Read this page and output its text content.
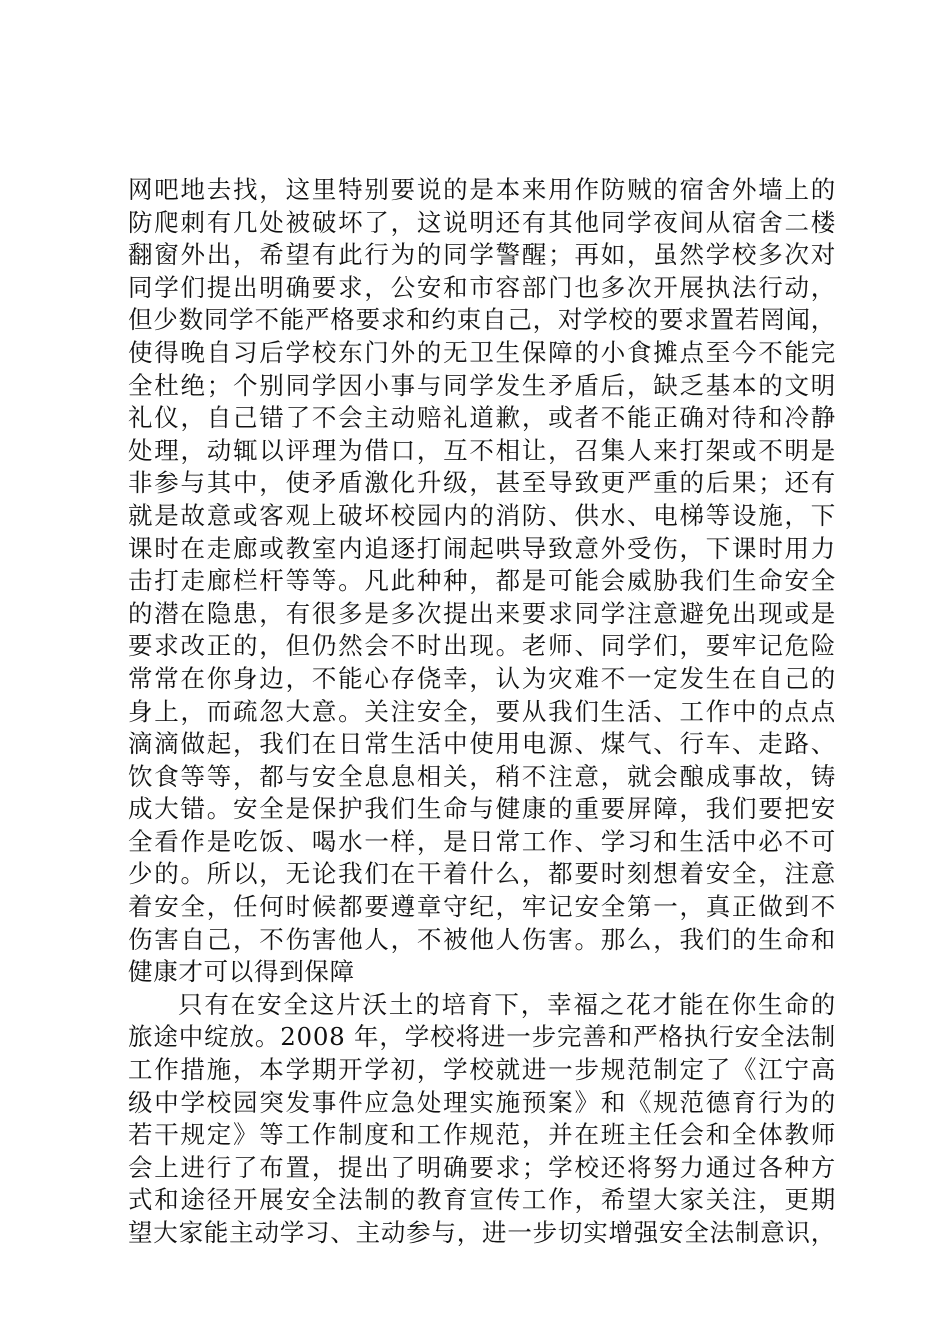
网吧地去找，这里特别要说的是本来用作防贼的宿舍外墙上的
防爬刺有几处被破坏了，这说明还有其他同学夜间从宿舍二楼
翻窗外出，希望有此行为的同学警醒；再如，虽然学校多次对
同学们提出明确要求，公安和市容部门也多次开展执法行动，
但少数同学不能严格要求和约束自己，对学校的要求置若罔闻，
使得晚自习后学校东门外的无卫生保障的小食摊点至今不能完
全杜绝；个别同学因小事与同学发生矛盾后，缺乏基本的文明
礼仪，自己错了不会主动赔礼道歉，或者不能正确对待和冷静
处理，动辄以评理为借口，互不相让，召集人来打架或不明是
非参与其中，使矛盾激化升级，甚至导致更严重的后果；还有
就是故意或客观上破坏校园内的消防、供水、电梯等设施，下
课时在走廊或教室内追逐打闹起哄导致意外受伤，下课时用力
击打走廊栏杆等等。凡此种种，都是可能会威胁我们生命安全
的潜在隐患，有很多是多次提出来要求同学注意避免出现或是
要求改正的，但仍然会不时出现。老师、同学们，要牢记危险
常常在你身边，不能心存侥幸，认为灾难不一定发生在自己的
身上，而疏忽大意。关注安全，要从我们生活、工作中的点点
滴滴做起，我们在日常生活中使用电源、煤气、行车、走路、
饮食等等，都与安全息息相关，稍不注意，就会酿成事故，铸
成大错。安全是保护我们生命与健康的重要屏障，我们要把安
全看作是吃饭、喝水一样，是日常工作、学习和生活中必不可
少的。所以，无论我们在干着什么，都要时刻想着安全，注意
着安全，任何时候都要遵章守纪，牢记安全第一，真正做到不
伤害自己，不伤害他人，不被他人伤害。那么，我们的生命和
健康才可以得到保障
只有在安全这片沃土的培育下，幸福之花才能在你生命的
旅途中绽放。2008 年，学校将进一步完善和严格执行安全法制
工作措施，本学期开学初，学校就进一步规范制定了《江宁高
级中学校园突发事件应急处理实施预案》和《规范德育行为的
若干规定》等工作制度和工作规范，并在班主任会和全体教师
会上进行了布置，提出了明确要求；学校还将努力通过各种方
式和途径开展安全法制的教育宣传工作，希望大家关注，更期
望大家能主动学习、主动参与，进一步切实增强安全法制意识，
